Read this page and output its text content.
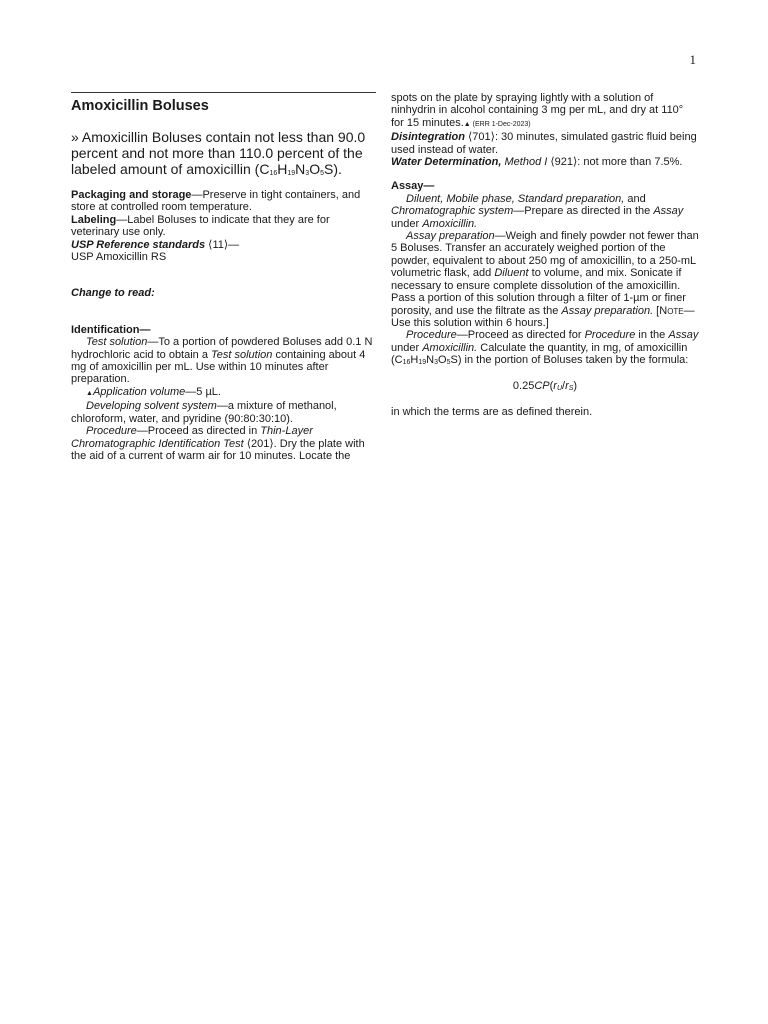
1
Amoxicillin Boluses

» Amoxicillin Boluses contain not less than 90.0 percent and not more than 110.0 percent of the labeled amount of amoxicillin $(C_{16}H_{19}N_3O_5S)$.

Packaging and storage—Preserve in tight containers, and store at controlled room temperature.

Labeling—Label Boluses to indicate that they are for veterinary use only.

USP Reference standards ⟨11⟩—

USP Amoxicillin RS

Change to read:

Identification—

Test solution—To a portion of powdered Boluses add 0.1 N hydrochloric acid to obtain a Test solution containing about 4 mg of amoxicillin per mL. Use within 10 minutes after preparation.

▲Application volume—5 µL.

Developing solvent system—a mixture of methanol, chloroform, water, and pyridine (90:80:30:10).

Procedure—Proceed as directed in Thin-Layer Chromatographic Identification Test ⟨201⟩. Dry the plate with the aid of a current of warm air for 10 minutes. Locate the

spots on the plate by spraying lightly with a solution of ninhydrin in alcohol containing 3 mg per mL, and dry at 110° for 15 minutes.▲ (ERR 1-Dec-2023)

Disintegration ⟨701⟩: 30 minutes, simulated gastric fluid being used instead of water.

Water Determination, Method I ⟨921⟩: not more than 7.5%.

Assay—

Diluent, Mobile phase, Standard preparation, and Chromatographic system—Prepare as directed in the Assay under Amoxicillin.

Assay preparation—Weigh and finely powder not fewer than 5 Boluses. Transfer an accurately weighed portion of the powder, equivalent to about 250 mg of amoxicillin, to a 250-mL volumetric flask, add Diluent to volume, and mix. Sonicate if necessary to ensure complete dissolution of the amoxicillin. Pass a portion of this solution through a filter of 1-µm or finer porosity, and use the filtrate as the Assay preparation. [Note—Use this solution within 6 hours.]

Procedure—Proceed as directed for Procedure in the Assay under Amoxicillin. Calculate the quantity, in mg, of amoxicillin $(C_{16}H_{19}N_3O_5S)$ in the portion of Boluses taken by the formula:

$0.25CP(r_U/r_S)$

in which the terms are as defined therein.
